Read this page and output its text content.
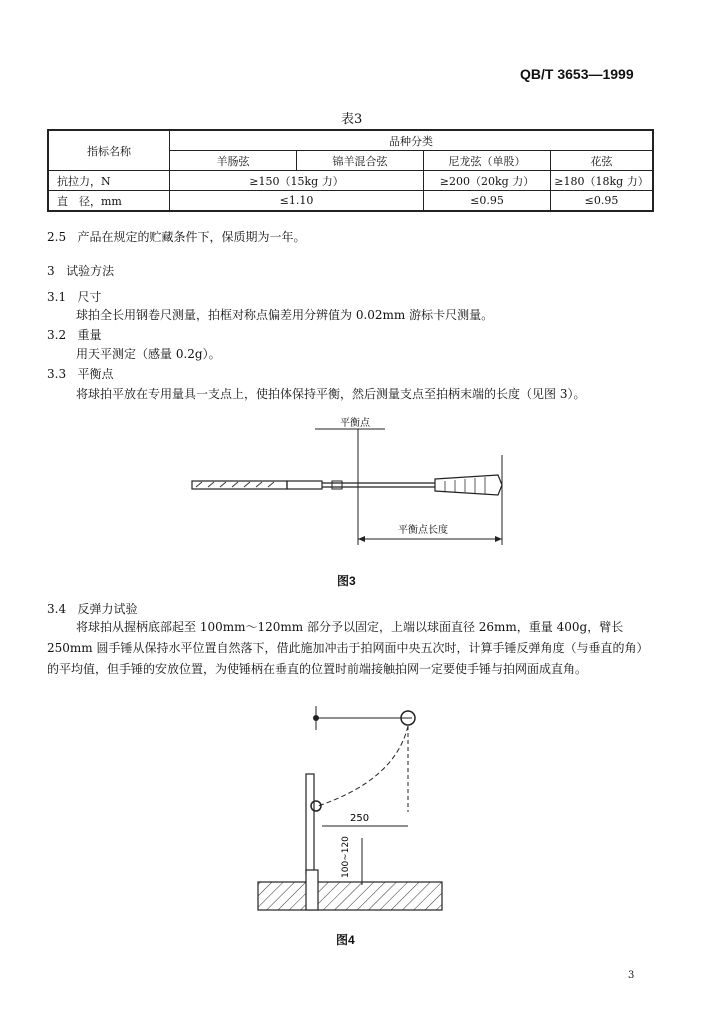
QB/T 3653—1999
表3
指标名称	品种分类			
	羊肠弦	锦羊混合弦	尼龙弦（单股）	花弦
抗拉力，N	≥150（15kg 力）		≥200（20kg 力）	≥180（18kg 力）
直　径，mm	≤1.10		≤0.95	≤0.95
2.5 产品在规定的贮藏条件下，保质期为一年。
3 试验方法
3.1 尺寸
球拍全长用钢卷尺测量，拍框对称点偏差用分辨值为 0.02mm 游标卡尺测量。
3.2 重量
用天平测定（感量 0.2g）。
3.3 平衡点
将球拍平放在专用量具一支点上，使拍体保持平衡，然后测量支点至拍柄末端的长度（见图 3）。
平衡点
平衡点长度
图3
3.4 反弹力试验
将球拍从握柄底部起至 100mm～120mm 部分予以固定，上端以球面直径 26mm，重量 400g，臂长 250mm 圆手锤从保持水平位置自然落下，借此施加冲击于拍网面中央五次时，计算手锤反弹角度（与垂直的角）的平均值，但手锤的安放位置，为使锤柄在垂直的位置时前端接触拍网一定要使手锤与拍网面成直角。
250
100~120
图4
3
